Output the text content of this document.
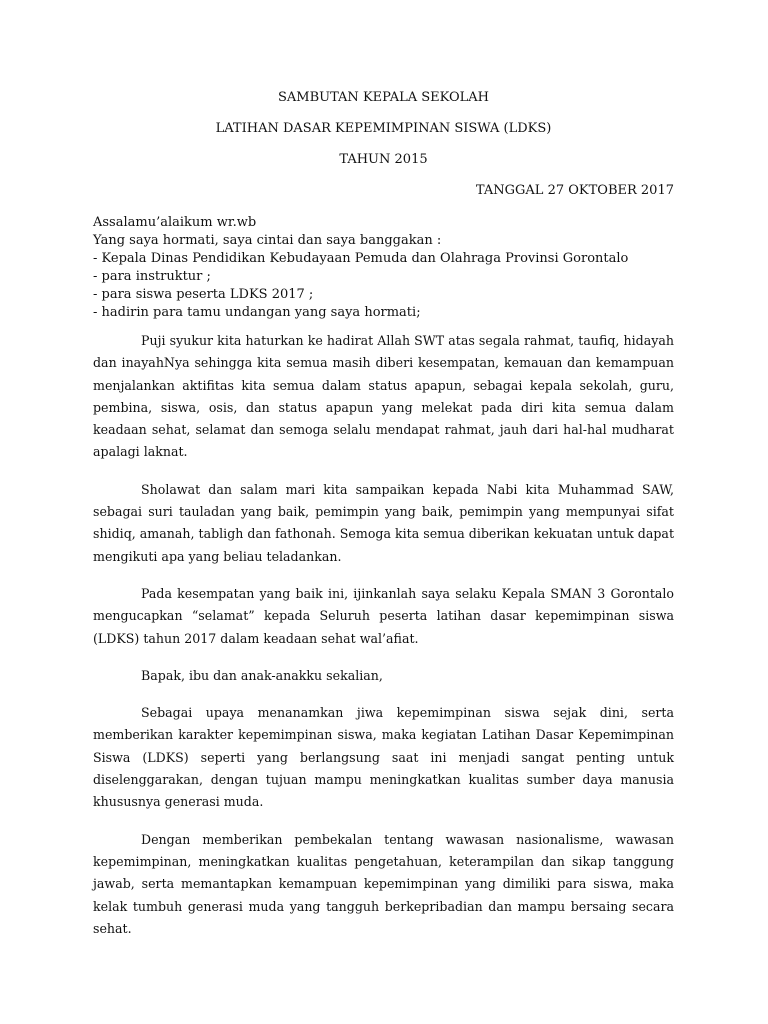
SAMBUTAN KEPALA SEKOLAH
LATIHAN DASAR KEPEMIMPINAN SISWA (LDKS)
TAHUN 2015
TANGGAL 27 OKTOBER 2017
Assalamu’alaikum wr.wb
Yang saya hormati, saya cintai dan saya banggakan :
- Kepala Dinas Pendidikan Kebudayaan Pemuda dan Olahraga Provinsi Gorontalo
- para instruktur ;
- para siswa peserta LDKS 2017 ;
- hadirin para tamu undangan yang saya hormati;

Puji syukur kita haturkan ke hadirat Allah SWT atas segala rahmat, taufiq, hidayah dan inayahNya sehingga kita semua masih diberi kesempatan, kemauan dan kemampuan menjalankan aktifitas kita semua dalam status apapun, sebagai kepala sekolah, guru, pembina, siswa, osis, dan status apapun yang melekat pada diri kita semua dalam keadaan sehat, selamat dan semoga selalu mendapat rahmat, jauh dari hal-hal mudharat apalagi laknat.

Sholawat dan salam mari kita sampaikan kepada Nabi kita Muhammad SAW, sebagai suri tauladan yang baik, pemimpin yang baik, pemimpin yang mempunyai sifat shidiq, amanah, tabligh dan fathonah. Semoga kita semua diberikan kekuatan untuk dapat mengikuti apa yang beliau teladankan.

Pada kesempatan yang baik ini, ijinkanlah saya selaku Kepala SMAN 3 Gorontalo mengucapkan “selamat” kepada Seluruh peserta latihan dasar kepemimpinan siswa (LDKS) tahun 2017 dalam keadaan sehat wal’afiat.

Bapak, ibu dan anak-anakku sekalian,

Sebagai upaya menanamkan jiwa kepemimpinan siswa sejak dini, serta memberikan karakter kepemimpinan siswa, maka kegiatan Latihan Dasar Kepemimpinan Siswa (LDKS) seperti yang berlangsung saat ini menjadi sangat penting untuk diselenggarakan, dengan tujuan mampu meningkatkan kualitas sumber daya manusia khususnya generasi muda.

Dengan memberikan pembekalan tentang wawasan nasionalisme, wawasan kepemimpinan, meningkatkan kualitas pengetahuan, keterampilan dan sikap tanggung jawab, serta memantapkan kemampuan kepemimpinan yang dimiliki para siswa, maka kelak tumbuh generasi muda yang tangguh berkepribadian dan mampu bersaing secara sehat.
